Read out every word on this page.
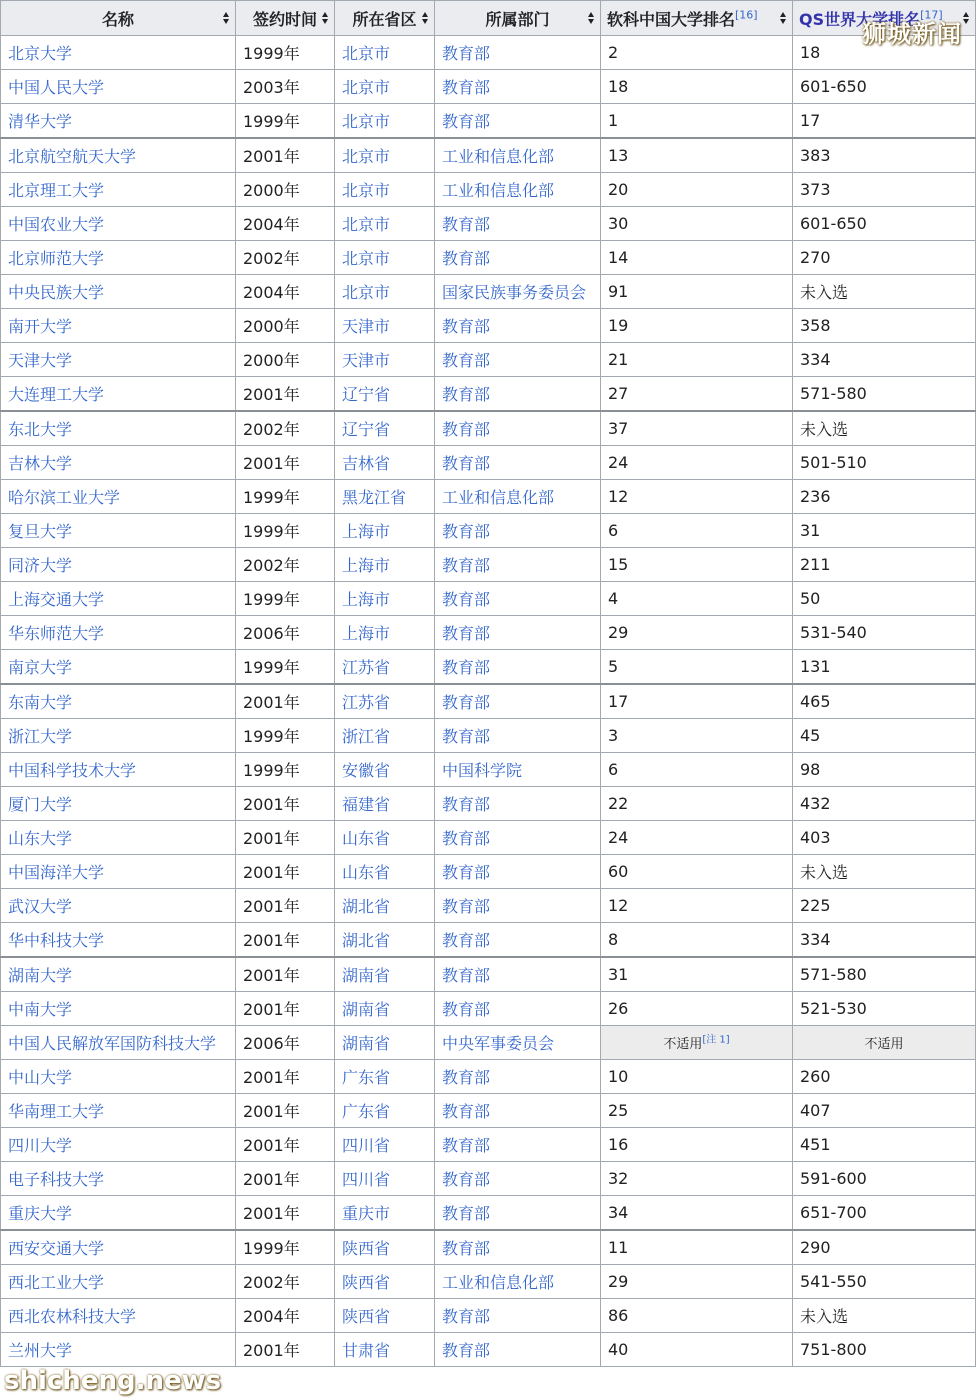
名称	签约时间	所在省区	所属部门	软科中国大学排名[16]	QS世界大学排名[17]

北京大学	1999年	北京市	教育部	2	18
中国人民大学	2003年	北京市	教育部	18	601-650
清华大学	1999年	北京市	教育部	1	17
北京航空航天大学	2001年	北京市	工业和信息化部	13	383
北京理工大学	2000年	北京市	工业和信息化部	20	373
中国农业大学	2004年	北京市	教育部	30	601-650
北京师范大学	2002年	北京市	教育部	14	270
中央民族大学	2004年	北京市	国家民族事务委员会	91	未入选
南开大学	2000年	天津市	教育部	19	358
天津大学	2000年	天津市	教育部	21	334
大连理工大学	2001年	辽宁省	教育部	27	571-580
东北大学	2002年	辽宁省	教育部	37	未入选
吉林大学	2001年	吉林省	教育部	24	501-510
哈尔滨工业大学	1999年	黑龙江省	工业和信息化部	12	236
复旦大学	1999年	上海市	教育部	6	31
同济大学	2002年	上海市	教育部	15	211
上海交通大学	1999年	上海市	教育部	4	50
华东师范大学	2006年	上海市	教育部	29	531-540
南京大学	1999年	江苏省	教育部	5	131
东南大学	2001年	江苏省	教育部	17	465
浙江大学	1999年	浙江省	教育部	3	45
中国科学技术大学	1999年	安徽省	中国科学院	6	98
厦门大学	2001年	福建省	教育部	22	432
山东大学	2001年	山东省	教育部	24	403
中国海洋大学	2001年	山东省	教育部	60	未入选
武汉大学	2001年	湖北省	教育部	12	225
华中科技大学	2001年	湖北省	教育部	8	334
湖南大学	2001年	湖南省	教育部	31	571-580
中南大学	2001年	湖南省	教育部	26	521-530
中国人民解放军国防科技大学	2006年	湖南省	中央军事委员会	不适用[注 1]	不适用
中山大学	2001年	广东省	教育部	10	260
华南理工大学	2001年	广东省	教育部	25	407
四川大学	2001年	四川省	教育部	16	451
电子科技大学	2001年	四川省	教育部	32	591-600
重庆大学	2001年	重庆市	教育部	34	651-700
西安交通大学	1999年	陕西省	教育部	11	290
西北工业大学	2002年	陕西省	工业和信息化部	29	541-550
西北农林科技大学	2004年	陕西省	教育部	86	未入选
兰州大学	2001年	甘肃省	教育部	40	751-800
狮城新闻
shicheng.news
